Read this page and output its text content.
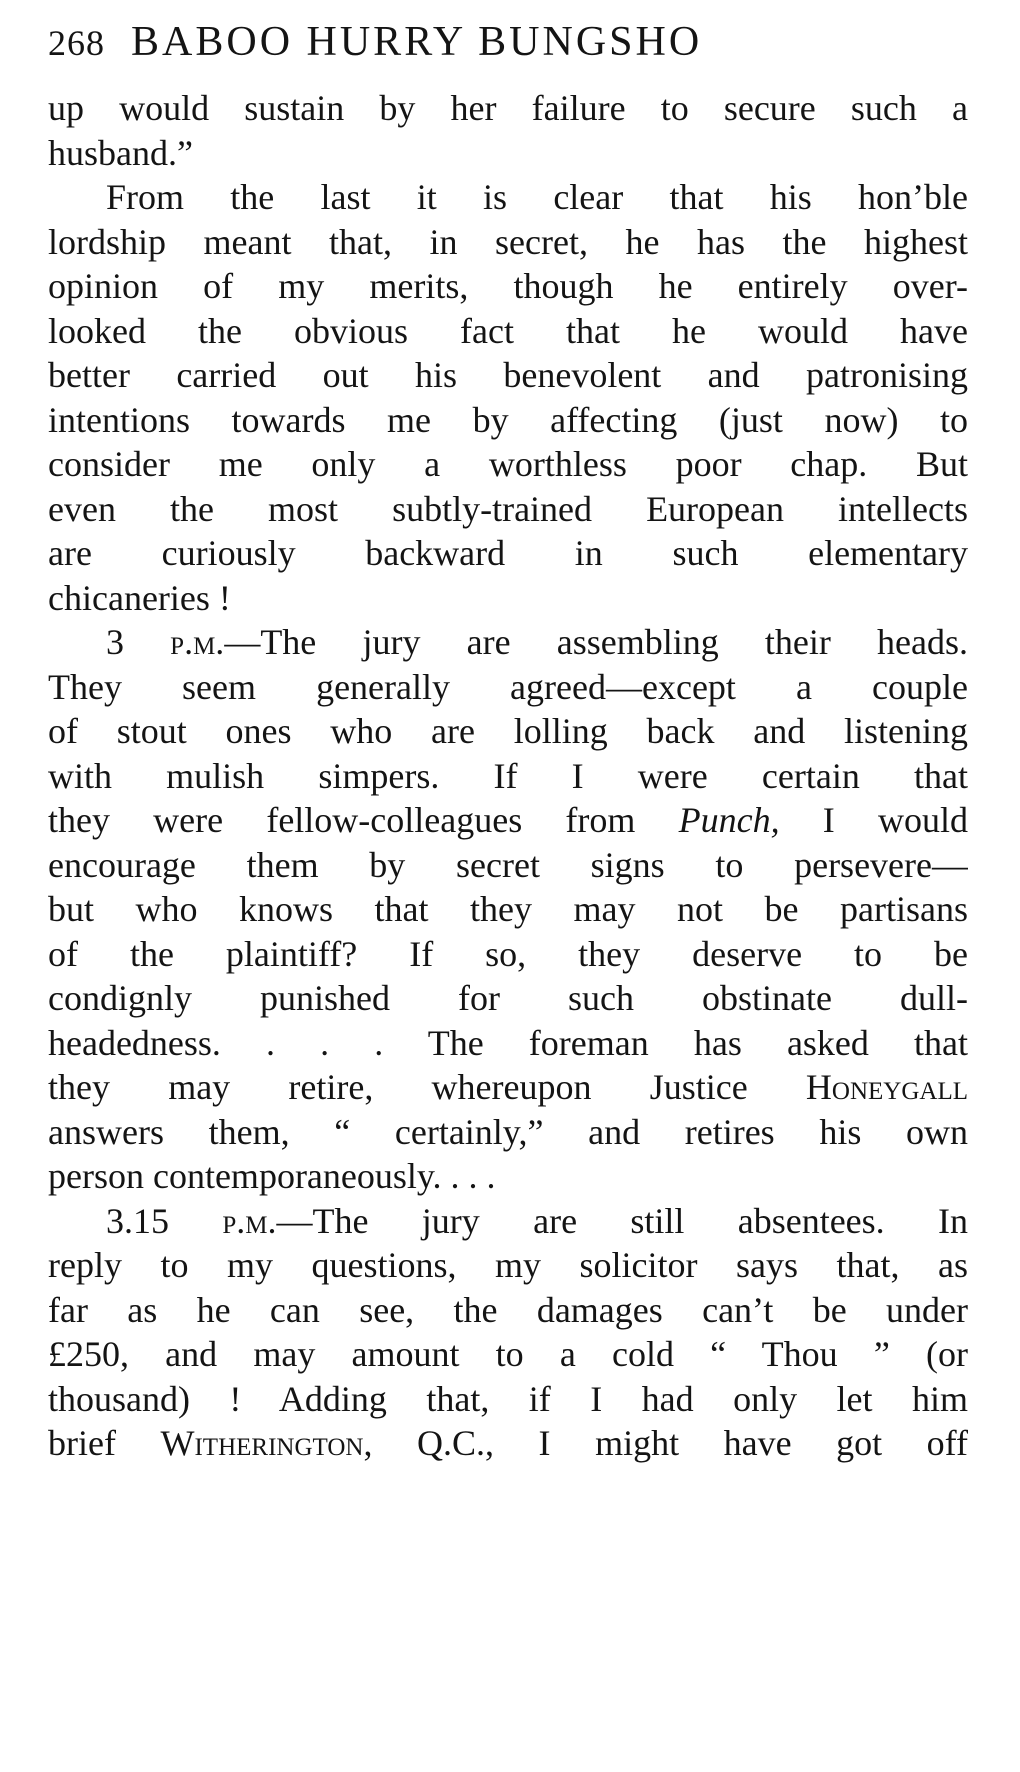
268 BABOO HURRY BUNGSHO
up would sustain by her failure to secure such a
husband.”
From the last it is clear that his hon’ble
lordship meant that, in secret, he has the highest
opinion of my merits, though he entirely over-
looked the obvious fact that he would have
better carried out his benevolent and patronising
intentions towards me by affecting (just now) to
consider me only a worthless poor chap. But
even the most subtly-trained European intellects
are curiously backward in such elementary
chicaneries !
3 p.m.—The jury are assembling their heads.
They seem generally agreed—except a couple
of stout ones who are lolling back and listening
with mulish simpers. If I were certain that
they were fellow-colleagues from Punch, I would
encourage them by secret signs to persevere—
but who knows that they may not be partisans
of the plaintiff? If so, they deserve to be
condignly punished for such obstinate dull-
headedness. . . . The foreman has asked that
they may retire, whereupon Justice Honeygall
answers them, “ certainly,” and retires his own
person contemporaneously. . . .
3.15 p.m.—The jury are still absentees. In
reply to my questions, my solicitor says that, as
far as he can see, the damages can’t be under
£250, and may amount to a cold “ Thou ” (or
thousand) ! Adding that, if I had only let him
brief Witherington, Q.C., I might have got off
